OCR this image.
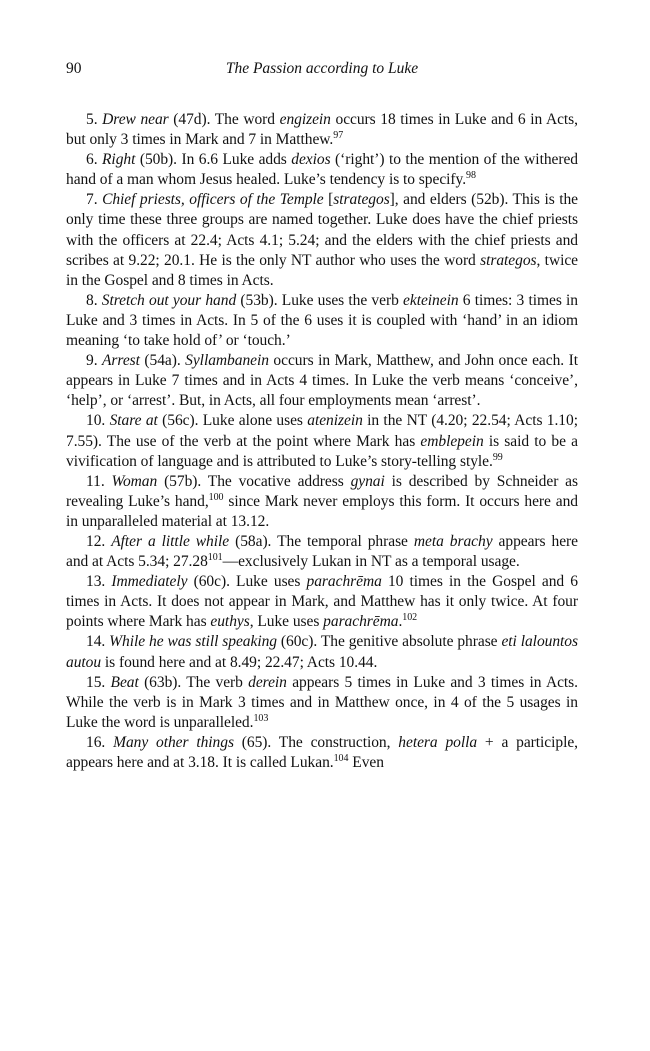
90	The Passion according to Luke

5. Drew near (47d). The word engizein occurs 18 times in Luke and 6 in Acts, but only 3 times in Mark and 7 in Matthew.$^{97}$

6. Right (50b). In 6.6 Luke adds dexios (‘right’) to the mention of the withered hand of a man whom Jesus healed. Luke’s tendency is to specify.$^{98}$

7. Chief priests, officers of the Temple [strategos], and elders (52b). This is the only time these three groups are named together. Luke does have the chief priests with the officers at 22.4; Acts 4.1; 5.24; and the elders with the chief priests and scribes at 9.22; 20.1. He is the only NT author who uses the word strategos, twice in the Gospel and 8 times in Acts.

8. Stretch out your hand (53b). Luke uses the verb ekteinein 6 times: 3 times in Luke and 3 times in Acts. In 5 of the 6 uses it is coupled with ‘hand’ in an idiom meaning ‘to take hold of’ or ‘touch.’

9. Arrest (54a). Syllambanein occurs in Mark, Matthew, and John once each. It appears in Luke 7 times and in Acts 4 times. In Luke the verb means ‘conceive’, ‘help’, or ‘arrest’. But, in Acts, all four employments mean ‘arrest’.

10. Stare at (56c). Luke alone uses atenizein in the NT (4.20; 22.54; Acts 1.10; 7.55). The use of the verb at the point where Mark has emblepein is said to be a vivification of language and is attributed to Luke’s story-telling style.$^{99}$

11. Woman (57b). The vocative address gynai is described by Schneider as revealing Luke’s hand,$^{100}$ since Mark never employs this form. It occurs here and in unparalleled material at 13.12.

12. After a little while (58a). The temporal phrase meta brachy appears here and at Acts 5.34; 27.28$^{101}$—exclusively Lukan in NT as a temporal usage.

13. Immediately (60c). Luke uses parachrēma 10 times in the Gospel and 6 times in Acts. It does not appear in Mark, and Matthew has it only twice. At four points where Mark has euthys, Luke uses parachrēma.$^{102}$

14. While he was still speaking (60c). The genitive absolute phrase eti lalountos autou is found here and at 8.49; 22.47; Acts 10.44.

15. Beat (63b). The verb derein appears 5 times in Luke and 3 times in Acts. While the verb is in Mark 3 times and in Matthew once, in 4 of the 5 usages in Luke the word is unparalleled.$^{103}$

16. Many other things (65). The construction, hetera polla + a participle, appears here and at 3.18. It is called Lukan.$^{104}$ Even
